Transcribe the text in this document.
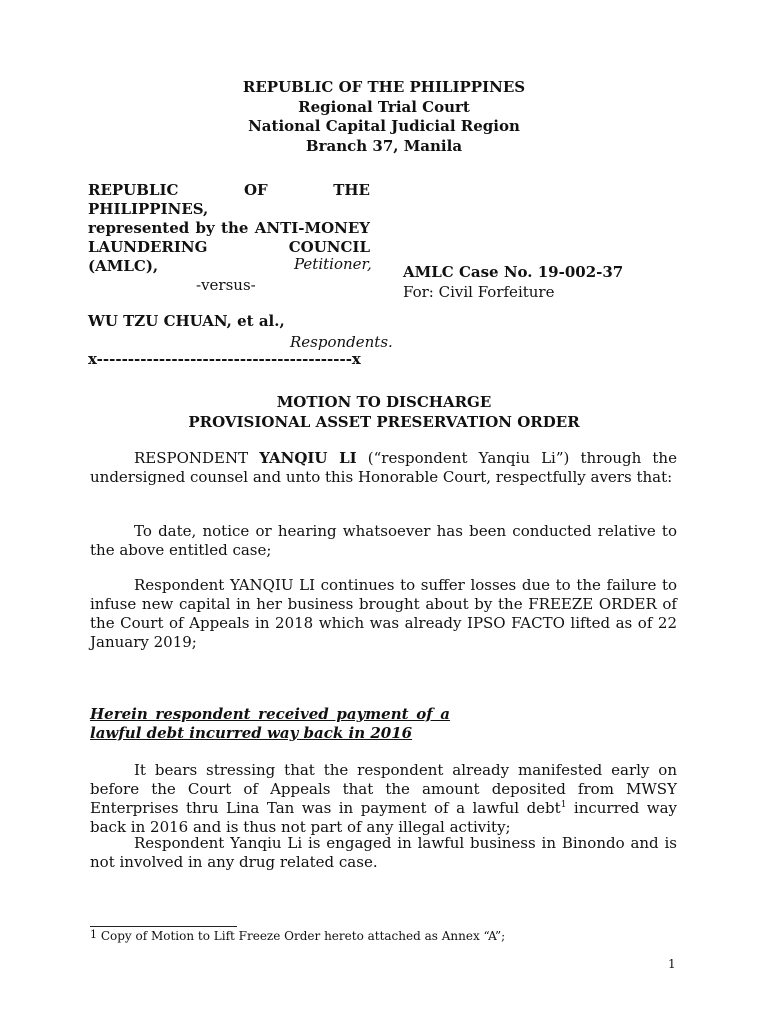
REPUBLIC OF THE PHILIPPINES
Regional Trial Court
National Capital Judicial Region
Branch 37, Manila
REPUBLIC OF THE PHILIPPINES,
represented by the ANTI-MONEY
LAUNDERING COUNCIL
(AMLC),	Petitioner,
-versus-
AMLC Case No. 19-002-37
For: Civil Forfeiture
WU TZU CHUAN, et al.,
Respondents.
x-----------------------------------------x
MOTION TO DISCHARGE
PROVISIONAL ASSET PRESERVATION ORDER
RESPONDENT YANQIU LI (“respondent Yanqiu Li”) through the undersigned counsel and unto this Honorable Court, respectfully avers that:
To date, notice or hearing whatsoever has been conducted relative to the above entitled case;
Respondent YANQIU LI continues to suffer losses due to the failure to infuse new capital in her business brought about by the FREEZE ORDER of the Court of Appeals in 2018 which was already IPSO FACTO lifted as of 22 January 2019;
Herein respondent received payment of a
lawful debt incurred way back in 2016
It bears stressing that the respondent already manifested early on before the Court of Appeals that the amount deposited from MWSY Enterprises thru Lina Tan was in payment of a lawful debt$^1$ incurred way back in 2016 and is thus not part of any illegal activity;
Respondent Yanqiu Li is engaged in lawful business in Binondo and is not involved in any drug related case.
$^1$ Copy of Motion to Lift Freeze Order hereto attached as Annex “A”;
1
